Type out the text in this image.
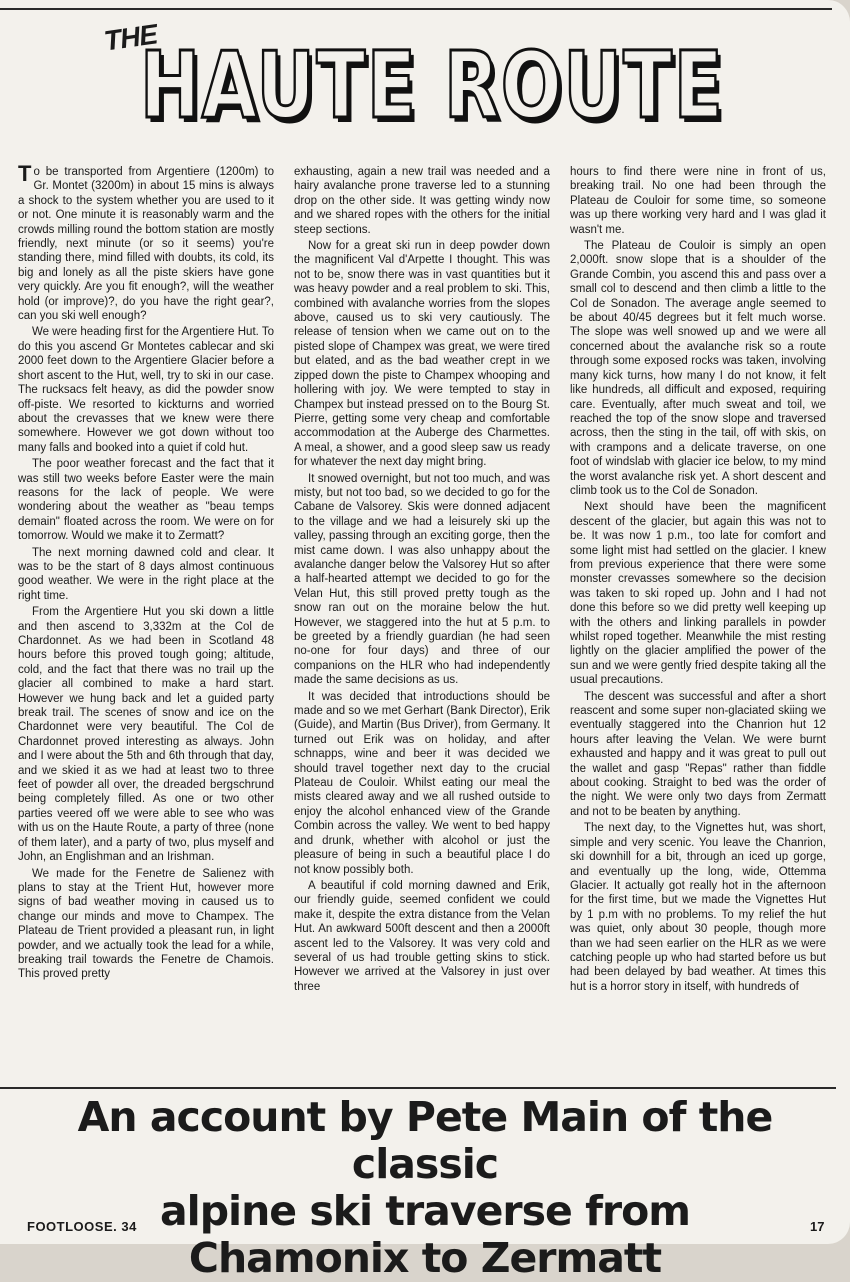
THE
HAUTE ROUTE

To be transported from Argentiere (1200m) to Gr. Montet (3200m) in about 15 mins is always a shock to the system whether you are used to it or not. One minute it is reasonably warm and the crowds milling round the bottom station are mostly friendly, next minute (or so it seems) you're standing there, mind filled with doubts, its cold, its big and lonely as all the piste skiers have gone very quickly. Are you fit enough?, will the weather hold (or improve)?, do you have the right gear?, can you ski well enough?

We were heading first for the Argentiere Hut. To do this you ascend Gr Montetes cablecar and ski 2000 feet down to the Argentiere Glacier before a short ascent to the Hut, well, try to ski in our case. The rucksacs felt heavy, as did the powder snow off-piste. We resorted to kickturns and worried about the crevasses that we knew were there somewhere. However we got down without too many falls and booked into a quiet if cold hut.

The poor weather forecast and the fact that it was still two weeks before Easter were the main reasons for the lack of people. We were wondering about the weather as "beau temps demain" floated across the room. We were on for tomorrow. Would we make it to Zermatt?

The next morning dawned cold and clear. It was to be the start of 8 days almost continuous good weather. We were in the right place at the right time.

From the Argentiere Hut you ski down a little and then ascend to 3,332m at the Col de Chardonnet. As we had been in Scotland 48 hours before this proved tough going; altitude, cold, and the fact that there was no trail up the glacier all combined to make a hard start. However we hung back and let a guided party break trail. The scenes of snow and ice on the Chardonnet were very beautiful. The Col de Chardonnet proved interesting as always. John and I were about the 5th and 6th through that day, and we skied it as we had at least two to three feet of powder all over, the dreaded bergschrund being completely filled. As one or two other parties veered off we were able to see who was with us on the Haute Route, a party of three (none of them later), and a party of two, plus myself and John, an Englishman and an Irishman.

We made for the Fenetre de Salienez with plans to stay at the Trient Hut, however more signs of bad weather moving in caused us to change our minds and move to Champex. The Plateau de Trient provided a pleasant run, in light powder, and we actually took the lead for a while, breaking trail towards the Fenetre de Chamois. This proved pretty

exhausting, again a new trail was needed and a hairy avalanche prone traverse led to a stunning drop on the other side. It was getting windy now and we shared ropes with the others for the initial steep sections.

Now for a great ski run in deep powder down the magnificent Val d'Arpette I thought. This was not to be, snow there was in vast quantities but it was heavy powder and a real problem to ski. This, combined with avalanche worries from the slopes above, caused us to ski very cautiously. The release of tension when we came out on to the pisted slope of Champex was great, we were tired but elated, and as the bad weather crept in we zipped down the piste to Champex whooping and hollering with joy. We were tempted to stay in Champex but instead pressed on to the Bourg St. Pierre, getting some very cheap and comfortable accommodation at the Auberge des Charmettes. A meal, a shower, and a good sleep saw us ready for whatever the next day might bring.

It snowed overnight, but not too much, and was misty, but not too bad, so we decided to go for the Cabane de Valsorey. Skis were donned adjacent to the village and we had a leisurely ski up the valley, passing through an exciting gorge, then the mist came down. I was also unhappy about the avalanche danger below the Valsorey Hut so after a half-hearted attempt we decided to go for the Velan Hut, this still proved pretty tough as the snow ran out on the moraine below the hut. However, we staggered into the hut at 5 p.m. to be greeted by a friendly guardian (he had seen no-one for four days) and three of our companions on the HLR who had independently made the same decisions as us.

It was decided that introductions should be made and so we met Gerhart (Bank Director), Erik (Guide), and Martin (Bus Driver), from Germany. It turned out Erik was on holiday, and after schnapps, wine and beer it was decided we should travel together next day to the crucial Plateau de Couloir. Whilst eating our meal the mists cleared away and we all rushed outside to enjoy the alcohol enhanced view of the Grande Combin across the valley. We went to bed happy and drunk, whether with alcohol or just the pleasure of being in such a beautiful place I do not know possibly both.

A beautiful if cold morning dawned and Erik, our friendly guide, seemed confident we could make it, despite the extra distance from the Velan Hut. An awkward 500ft descent and then a 2000ft ascent led to the Valsorey. It was very cold and several of us had trouble getting skins to stick. However we arrived at the Valsorey in just over three

hours to find there were nine in front of us, breaking trail. No one had been through the Plateau de Couloir for some time, so someone was up there working very hard and I was glad it wasn't me.

The Plateau de Couloir is simply an open 2,000ft. snow slope that is a shoulder of the Grande Combin, you ascend this and pass over a small col to descend and then climb a little to the Col de Sonadon. The average angle seemed to be about 40/45 degrees but it felt much worse. The slope was well snowed up and we were all concerned about the avalanche risk so a route through some exposed rocks was taken, involving many kick turns, how many I do not know, it felt like hundreds, all difficult and exposed, requiring care. Eventually, after much sweat and toil, we reached the top of the snow slope and traversed across, then the sting in the tail, off with skis, on with crampons and a delicate traverse, on one foot of windslab with glacier ice below, to my mind the worst avalanche risk yet. A short descent and climb took us to the Col de Sonadon.

Next should have been the magnificent descent of the glacier, but again this was not to be. It was now 1 p.m., too late for comfort and some light mist had settled on the glacier. I knew from previous experience that there were some monster crevasses somewhere so the decision was taken to ski roped up. John and I had not done this before so we did pretty well keeping up with the others and linking parallels in powder whilst roped together. Meanwhile the mist resting lightly on the glacier amplified the power of the sun and we were gently fried despite taking all the usual precautions.

The descent was successful and after a short reascent and some super non-glaciated skiing we eventually staggered into the Chanrion hut 12 hours after leaving the Velan. We were burnt exhausted and happy and it was great to pull out the wallet and gasp "Repas" rather than fiddle about cooking. Straight to bed was the order of the night. We were only two days from Zermatt and not to be beaten by anything.

The next day, to the Vignettes hut, was short, simple and very scenic. You leave the Chanrion, ski downhill for a bit, through an iced up gorge, and eventually up the long, wide, Ottemma Glacier. It actually got really hot in the afternoon for the first time, but we made the Vignettes Hut by 1 p.m with no problems. To my relief the hut was quiet, only about 30 people, though more than we had seen earlier on the HLR as we were catching people up who had started before us but had been delayed by bad weather. At times this hut is a horror story in itself, with hundreds of

An account by Pete Main of the classic
alpine ski traverse from
Chamonix to Zermatt
FOOTLOOSE. 34	17
